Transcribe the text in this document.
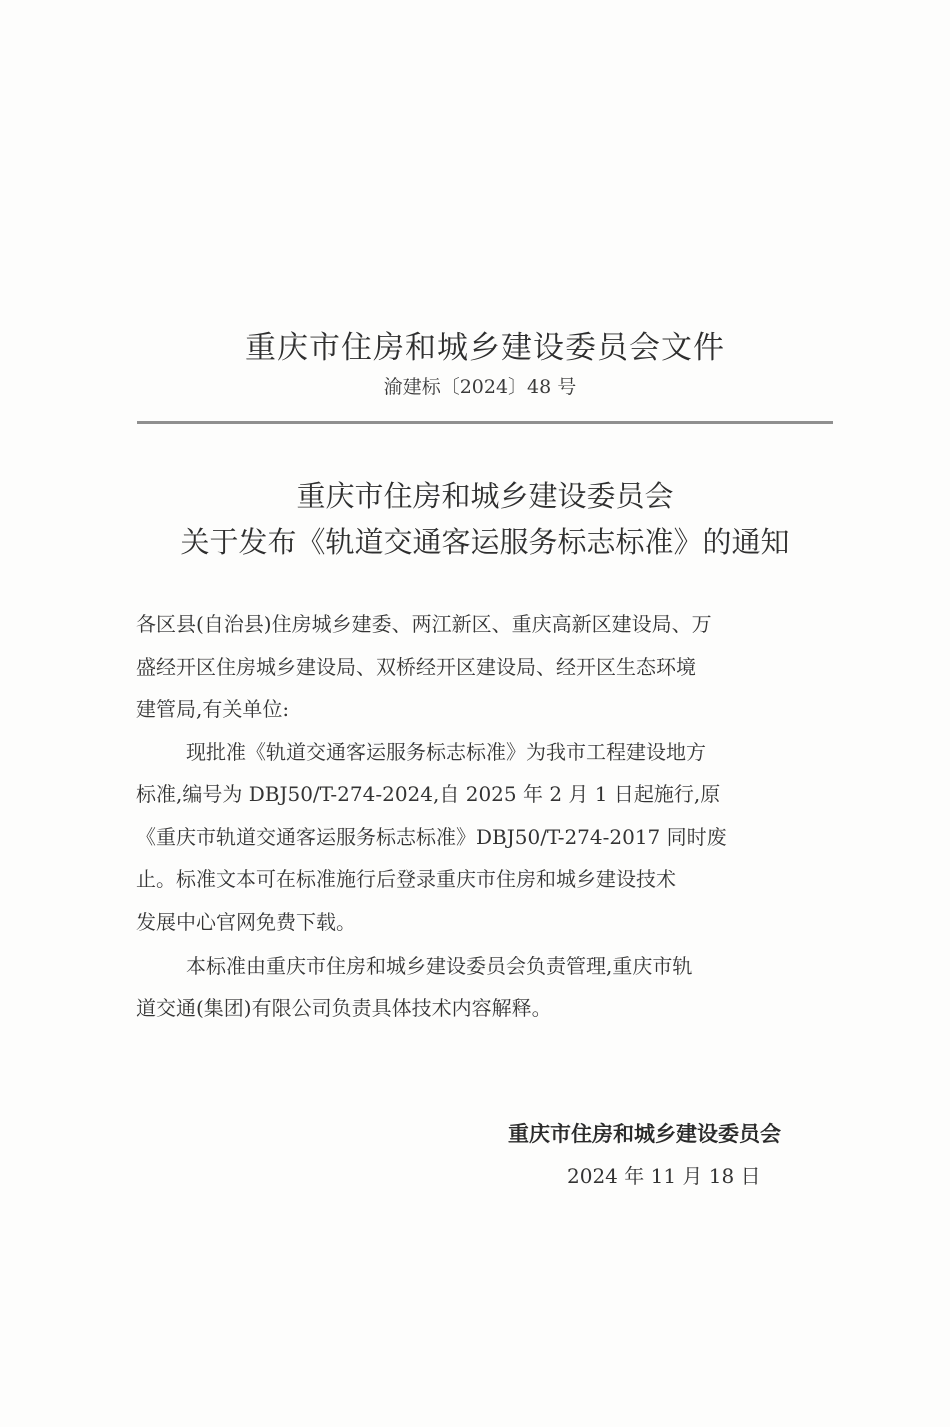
重庆市住房和城乡建设委员会文件
渝建标〔2024〕48 号
重庆市住房和城乡建设委员会
关于发布《轨道交通客运服务标志标准》的通知
各区县(自治县)住房城乡建委、两江新区、重庆高新区建设局、万
盛经开区住房城乡建设局、双桥经开区建设局、经开区生态环境
建管局,有关单位:
现批准《轨道交通客运服务标志标准》为我市工程建设地方
标准,编号为 DBJ50/T-274-2024,自 2025 年 2 月 1 日起施行,原
《重庆市轨道交通客运服务标志标准》DBJ50/T-274-2017 同时废
止。标准文本可在标准施行后登录重庆市住房和城乡建设技术
发展中心官网免费下载。
本标准由重庆市住房和城乡建设委员会负责管理,重庆市轨
道交通(集团)有限公司负责具体技术内容解释。
重庆市住房和城乡建设委员会
2024 年 11 月 18 日
